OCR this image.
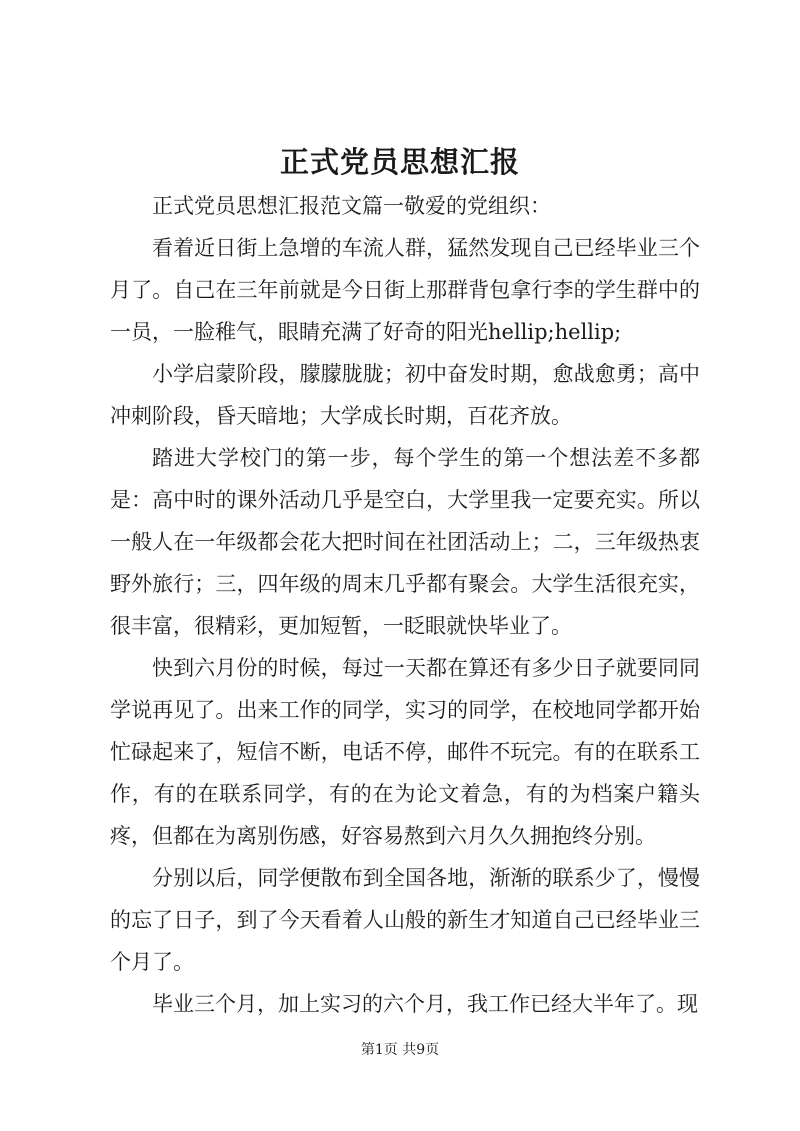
正式党员思想汇报

正式党员思想汇报范文篇一敬爱的党组织：

看着近日街上急增的车流人群，猛然发现自己已经毕业三个月了。自己在三年前就是今日街上那群背包拿行李的学生群中的一员，一脸稚气，眼睛充满了好奇的阳光hellip;hellip;

小学启蒙阶段，朦朦胧胧；初中奋发时期，愈战愈勇；高中冲刺阶段，昏天暗地；大学成长时期，百花齐放。

踏进大学校门的第一步，每个学生的第一个想法差不多都是：高中时的课外活动几乎是空白，大学里我一定要充实。所以一般人在一年级都会花大把时间在社团活动上；二，三年级热衷野外旅行；三，四年级的周末几乎都有聚会。大学生活很充实，很丰富，很精彩，更加短暂，一眨眼就快毕业了。

快到六月份的时候，每过一天都在算还有多少日子就要同同学说再见了。出来工作的同学，实习的同学，在校地同学都开始忙碌起来了，短信不断，电话不停，邮件不玩完。有的在联系工作，有的在联系同学，有的在为论文着急，有的为档案户籍头疼，但都在为离别伤感，好容易熬到六月久久拥抱终分别。

分别以后，同学便散布到全国各地，渐渐的联系少了，慢慢的忘了日子，到了今天看着人山般的新生才知道自己已经毕业三个月了。

毕业三个月，加上实习的六个月，我工作已经大半年了。现

第1页 共9页
